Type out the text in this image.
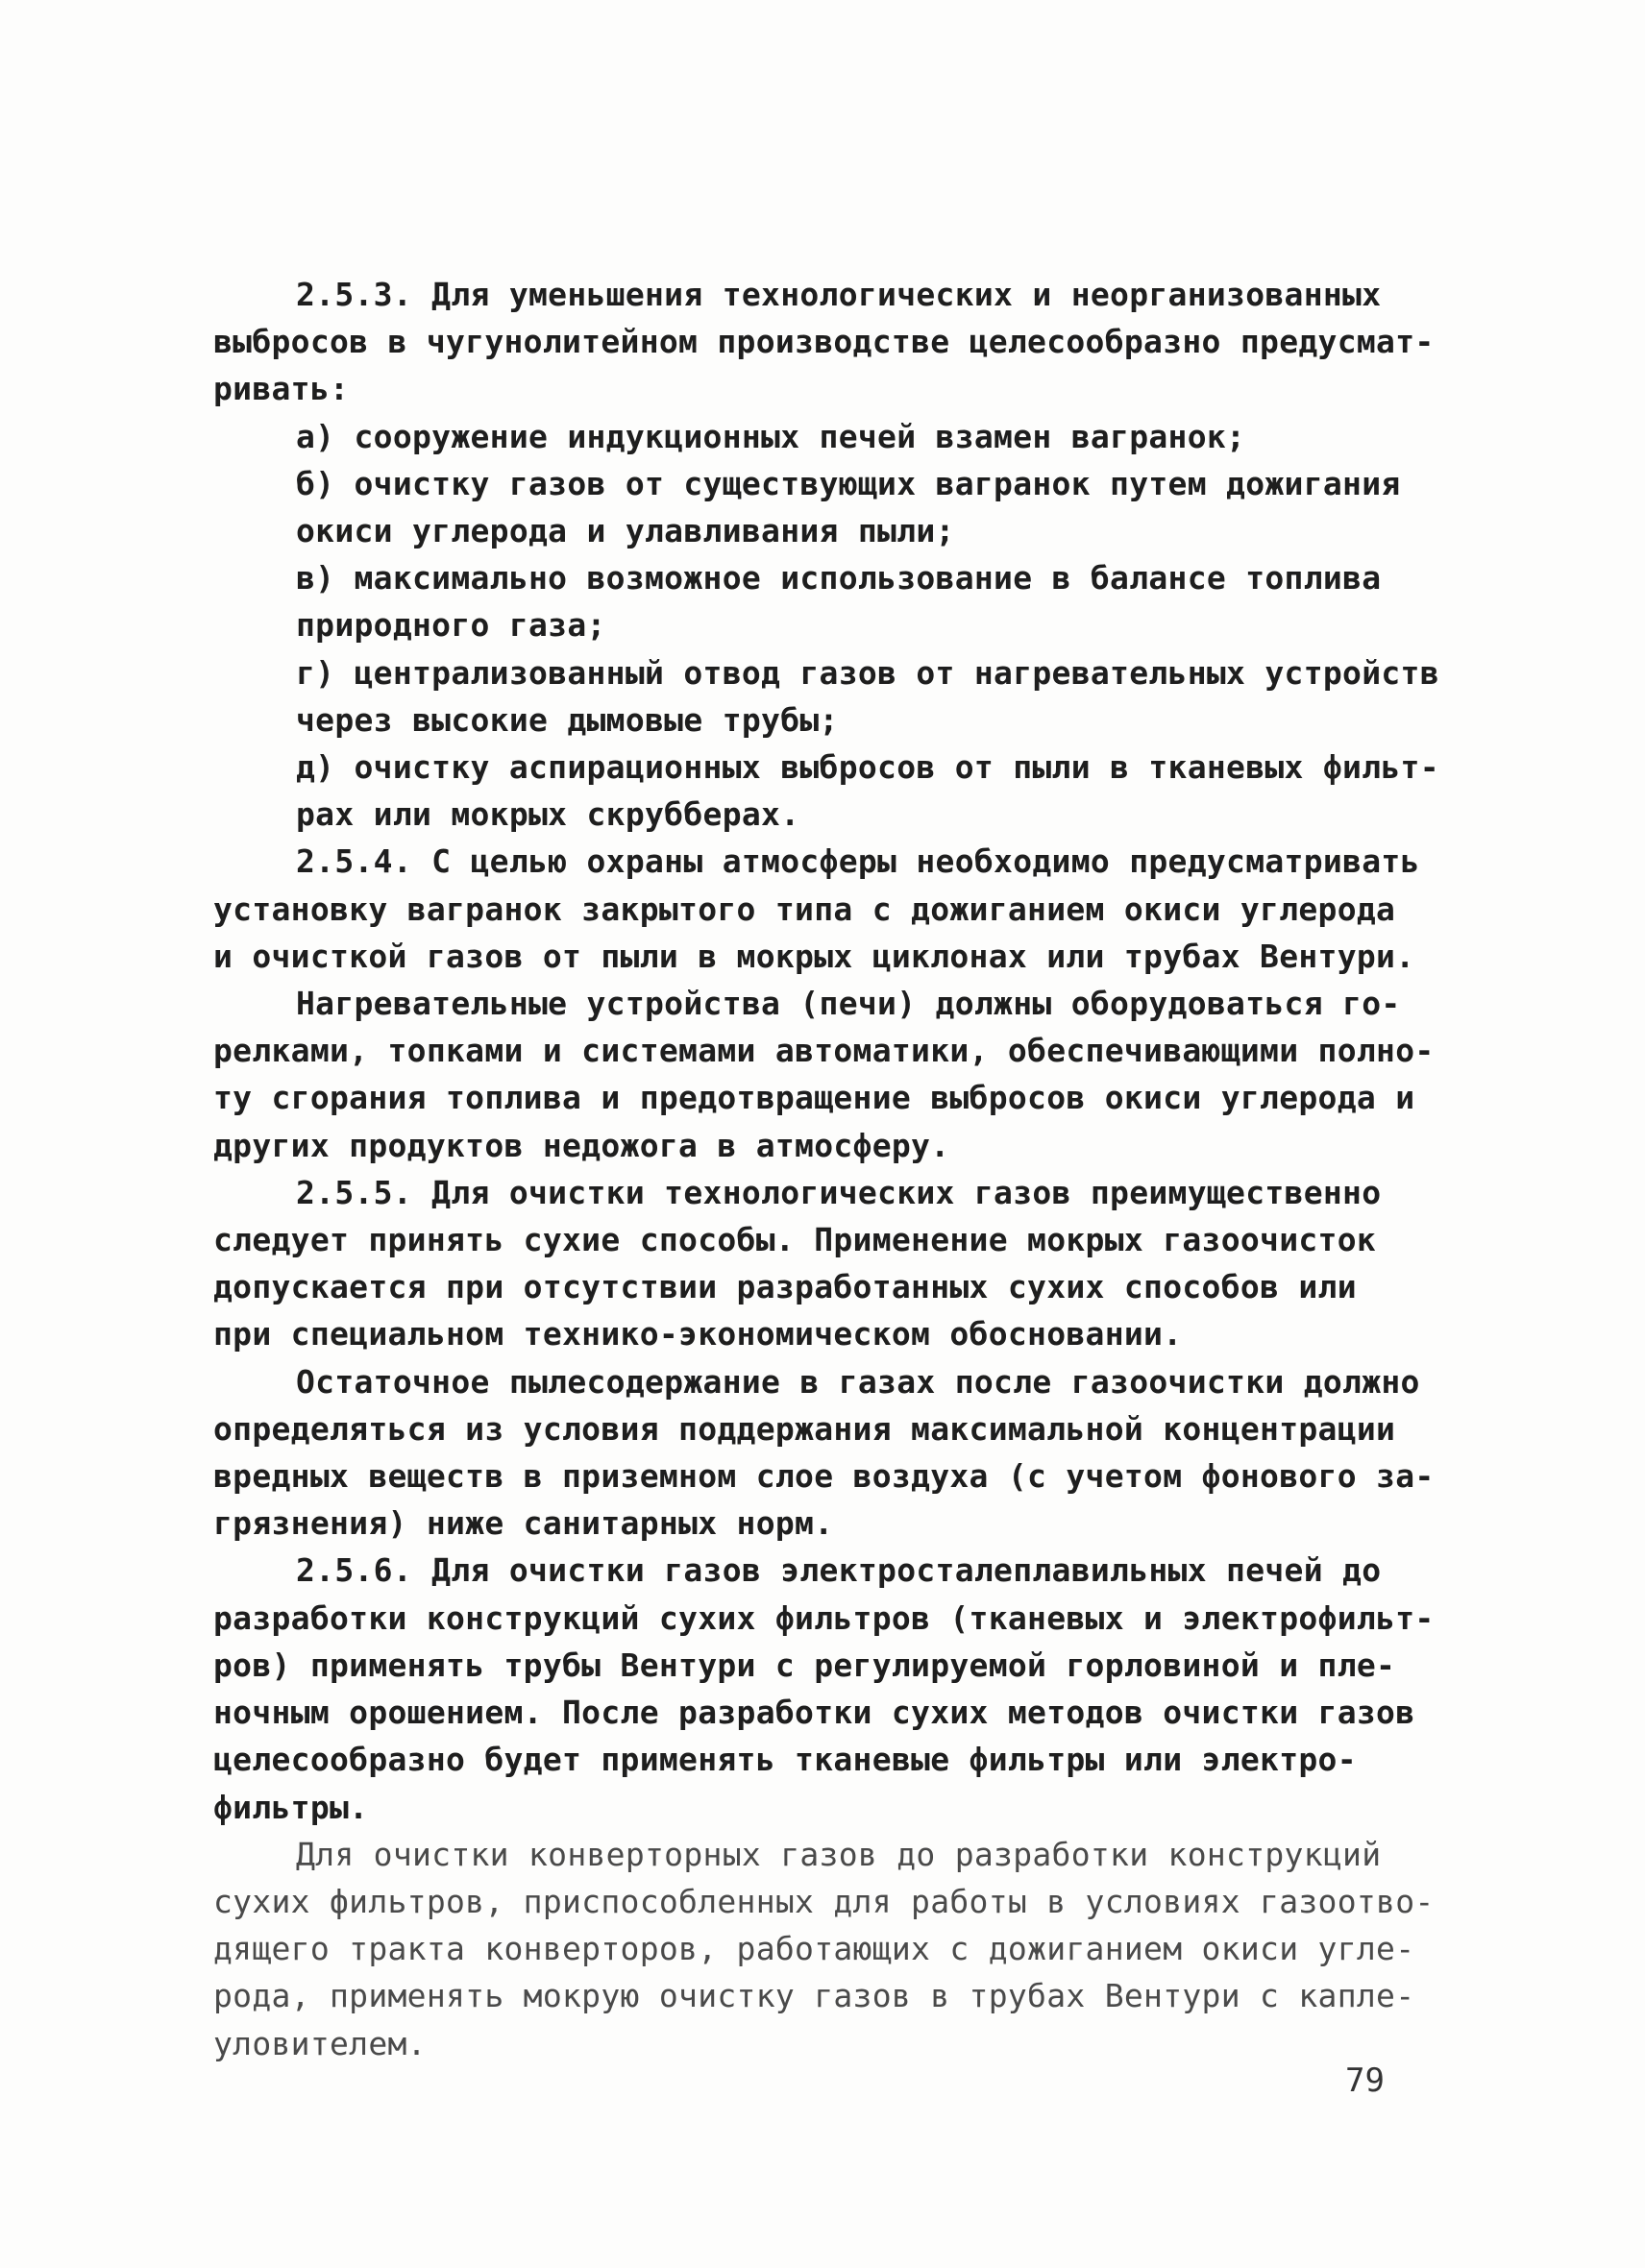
2.5.3. Для уменьшения технологических и неорганизованных
выбросов в чугунолитейном производстве целесообразно предусмат-
ривать:
а) сооружение индукционных печей взамен вагранок;
б) очистку газов от существующих вагранок путем дожигания
окиси углерода и улавливания пыли;
в) максимально возможное использование в балансе топлива
природного газа;
г) централизованный отвод газов от нагревательных устройств
через высокие дымовые трубы;
д) очистку аспирационных выбросов от пыли в тканевых фильт-
рах или мокрых скрубберах.
2.5.4. С целью охраны атмосферы необходимо предусматривать
установку вагранок закрытого типа с дожиганием окиси углерода
и очисткой газов от пыли в мокрых циклонах или трубах Вентури.
Нагревательные устройства (печи) должны оборудоваться го-
релками, топками и системами автоматики, обеспечивающими полно-
ту сгорания топлива и предотвращение выбросов окиси углерода и
других продуктов недожога в атмосферу.
2.5.5. Для очистки технологических газов преимущественно
следует принять сухие способы. Применение мокрых газоочисток
допускается при отсутствии разработанных сухих способов или
при специальном технико-экономическом обосновании.
Остаточное пылесодержание в газах после газоочистки должно
определяться из условия поддержания максимальной концентрации
вредных веществ в приземном слое воздуха (с учетом фонового за-
грязнения) ниже санитарных норм.
2.5.6. Для очистки газов электросталеплавильных печей до
разработки конструкций сухих фильтров (тканевых и электрофильт-
ров) применять трубы Вентури с регулируемой горловиной и пле-
ночным орошением. После разработки сухих методов очистки газов
целесообразно будет применять тканевые фильтры или электро-
фильтры.
Для очистки конверторных газов до разработки конструкций
сухих фильтров, приспособленных для работы в условиях газоотво-
дящего тракта конверторов, работающих с дожиганием окиси угле-
рода, применять мокрую очистку газов в трубах Вентури с капле-
уловителем.
79
